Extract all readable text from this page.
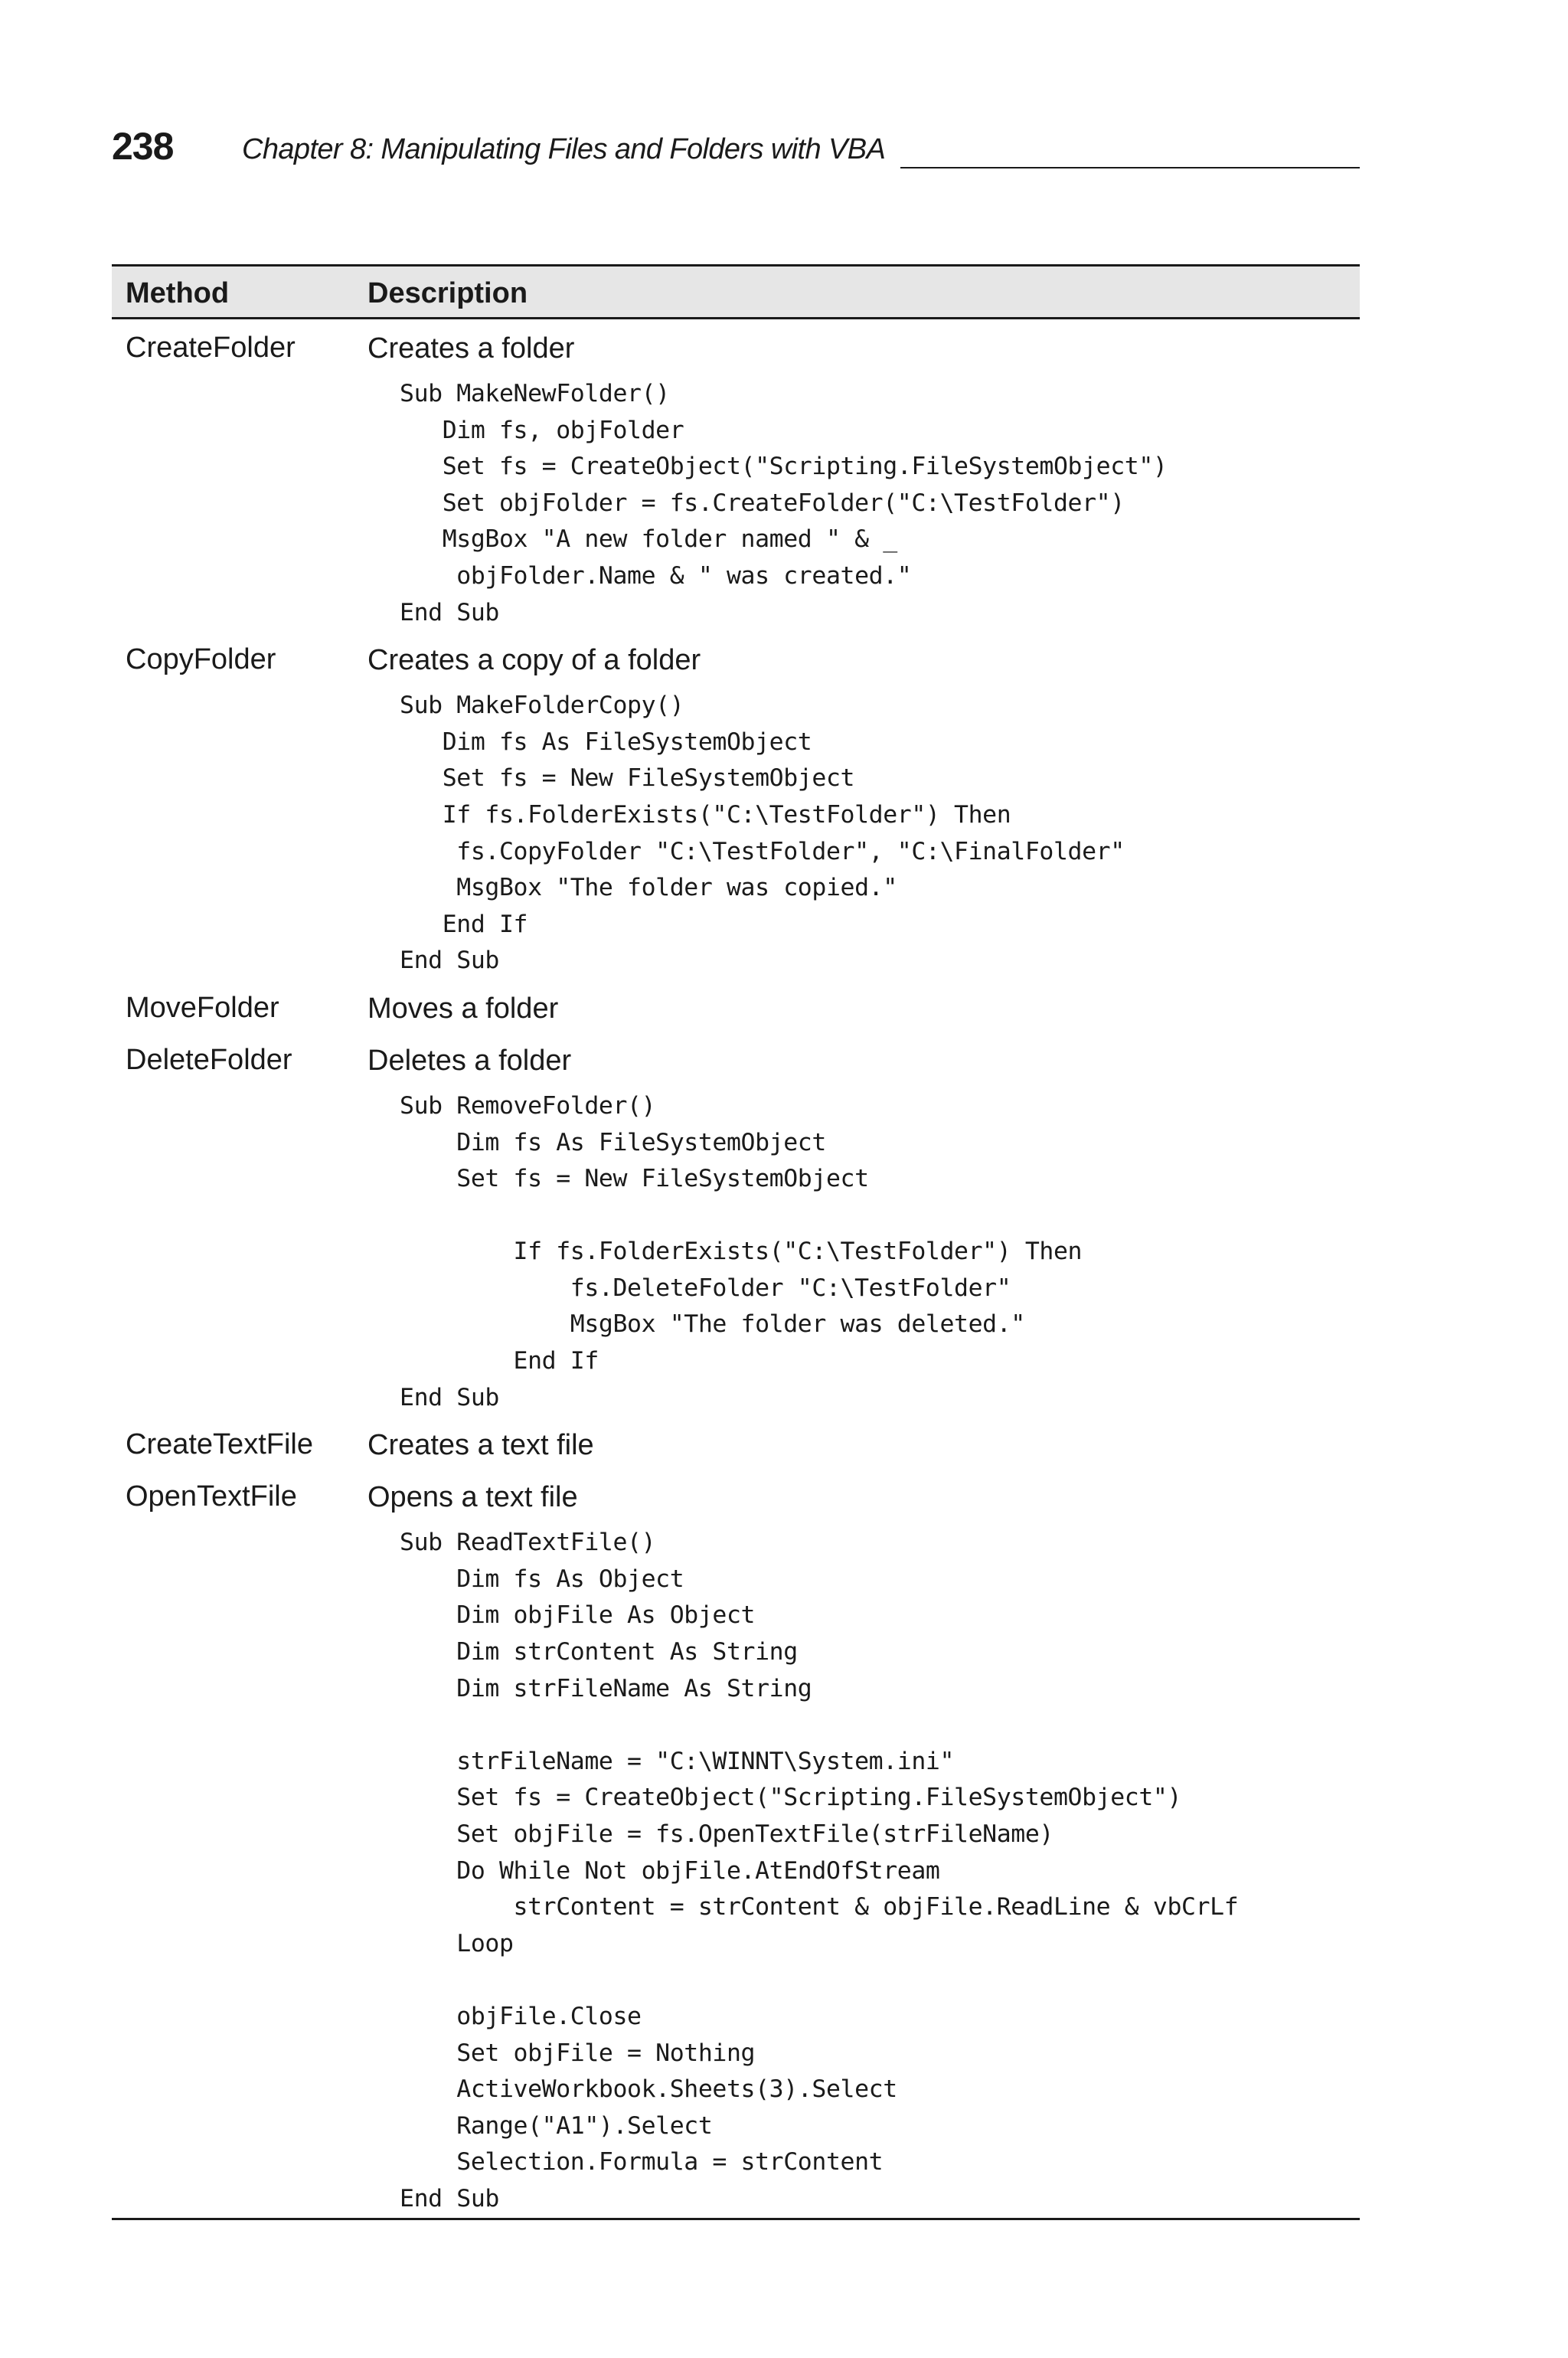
238 Chapter 8: Manipulating Files and Folders with VBA
Method	Description
CreateFolder Creates a folder
Sub MakeNewFolder()
Dim fs, objFolder
Set fs = CreateObject("Scripting.FileSystemObject")
Set objFolder = fs.CreateFolder("C:\TestFolder")
MsgBox "A new folder named " & _
objFolder.Name & " was created."
End Sub
CopyFolder	Creates a copy of a folder
Sub MakeFolderCopy()
Dim fs As FileSystemObject
Set fs = New FileSystemObject
If fs.FolderExists("C:\TestFolder") Then
fs.CopyFolder "C:\TestFolder", "C:\FinalFolder"
MsgBox "The folder was copied."
End If
End Sub
MoveFolder	Moves a folder
DeleteFolder	Deletes a folder
Sub RemoveFolder()
Dim fs As FileSystemObject
Set fs = New FileSystemObject

If fs.FolderExists("C:\TestFolder") Then
fs.DeleteFolder "C:\TestFolder"
MsgBox "The folder was deleted."
End If
End Sub
CreateTextFile Creates a text file
OpenTextFile Opens a text file
Sub ReadTextFile()
Dim fs As Object
Dim objFile As Object
Dim strContent As String
Dim strFileName As String

strFileName = "C:\WINNT\System.ini"
Set fs = CreateObject("Scripting.FileSystemObject")
Set objFile = fs.OpenTextFile(strFileName)
Do While Not objFile.AtEndOfStream
strContent = strContent & objFile.ReadLine & vbCrLf
Loop

objFile.Close
Set objFile = Nothing
ActiveWorkbook.Sheets(3).Select
Range("A1").Select
Selection.Formula = strContent
End Sub
